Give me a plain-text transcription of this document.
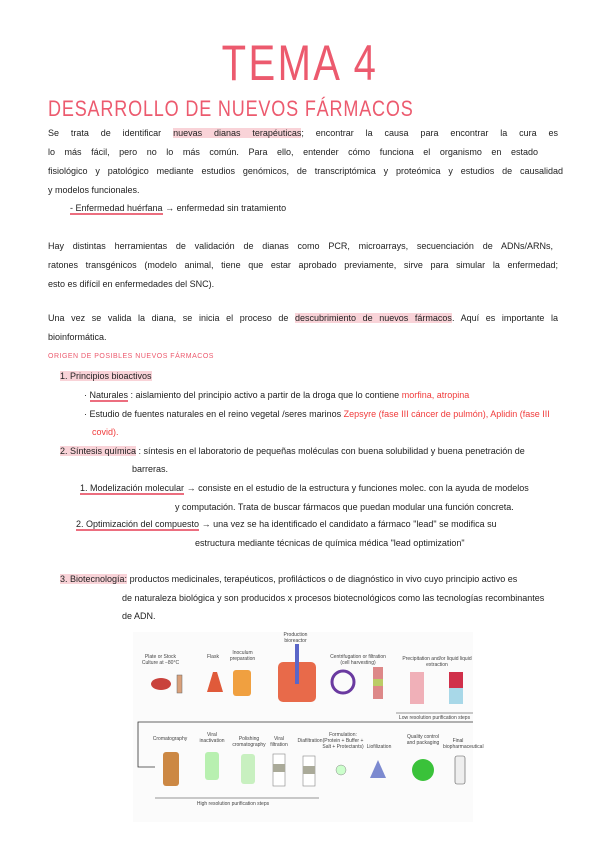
TEMA 4
DESARROLLO DE NUEVOS FÁRMACOS
Se trata de identificar nuevas dianas terapéuticas; encontrar la causa para encontrar la cura es
lo más fácil, pero no lo más común. Para ello, entender cómo funciona el organismo en estado
fisiológico y patológico mediante estudios genómicos, de transcriptómica y proteómica y estudios de causalidad
y modelos funcionales.
- Enfermedad huérfana → enfermedad sin tratamiento
Hay distintas herramientas de validación de dianas como PCR, microarrays, secuenciación de ADNs/ARNs,
ratones transgénicos (modelo animal, tiene que estar aprobado previamente, sirve para simular la enfermedad;
esto es difícil en enfermedades del SNC).
Una vez se valida la diana, se inicia el proceso de descubrimiento de nuevos fármacos. Aquí es importante la
bioinformática.
ORIGEN DE POSIBLES NUEVOS FÁRMACOS
1. Principios bioactivos
· Naturales : aislamiento del principio activo a partir de la droga que lo contiene morfina, atropina
· Estudio de fuentes naturales en el reino vegetal /seres marinos Zepsyre (fase III cáncer de pulmón), Aplidin (fase III
covid).
2. Síntesis química : síntesis en el laboratorio de pequeñas moléculas con buena solubilidad y buena penetración de
barreras.
1. Modelización molecular → consiste en el estudio de la estructura y funciones molec. con la ayuda de modelos
y computación. Trata de buscar fármacos que puedan modular una función concreta.
2. Optimización del compuesto → una vez se ha identificado el candidato a fármaco "lead" se modifica su
estructura mediante técnicas de química médica "lead optimization"
3. Biotecnología: productos medicinales, terapéuticos, profilácticos o de diagnóstico in vivo cuyo principio activo es
de naturaleza biológica y son producidos x procesos biotecnológicos como las tecnologías recombinantes
de ADN.
Plate or Stock Culture at −80°C
Flask
Inoculum preparation
Production bioreactor
Centrifugation or filtration (cell harvesting)
Precipitation and/or liquid liquid extraction
Low resolution purification steps
Cromatography
Viral inactivation	Polishing cromatography
Viral filtration
Diafiltration
Formulation: (Protein + Buffer + Salt + Protectants) Liofilization
Quality control and packaging	Final biopharmaceutical
High resolution purification steps
